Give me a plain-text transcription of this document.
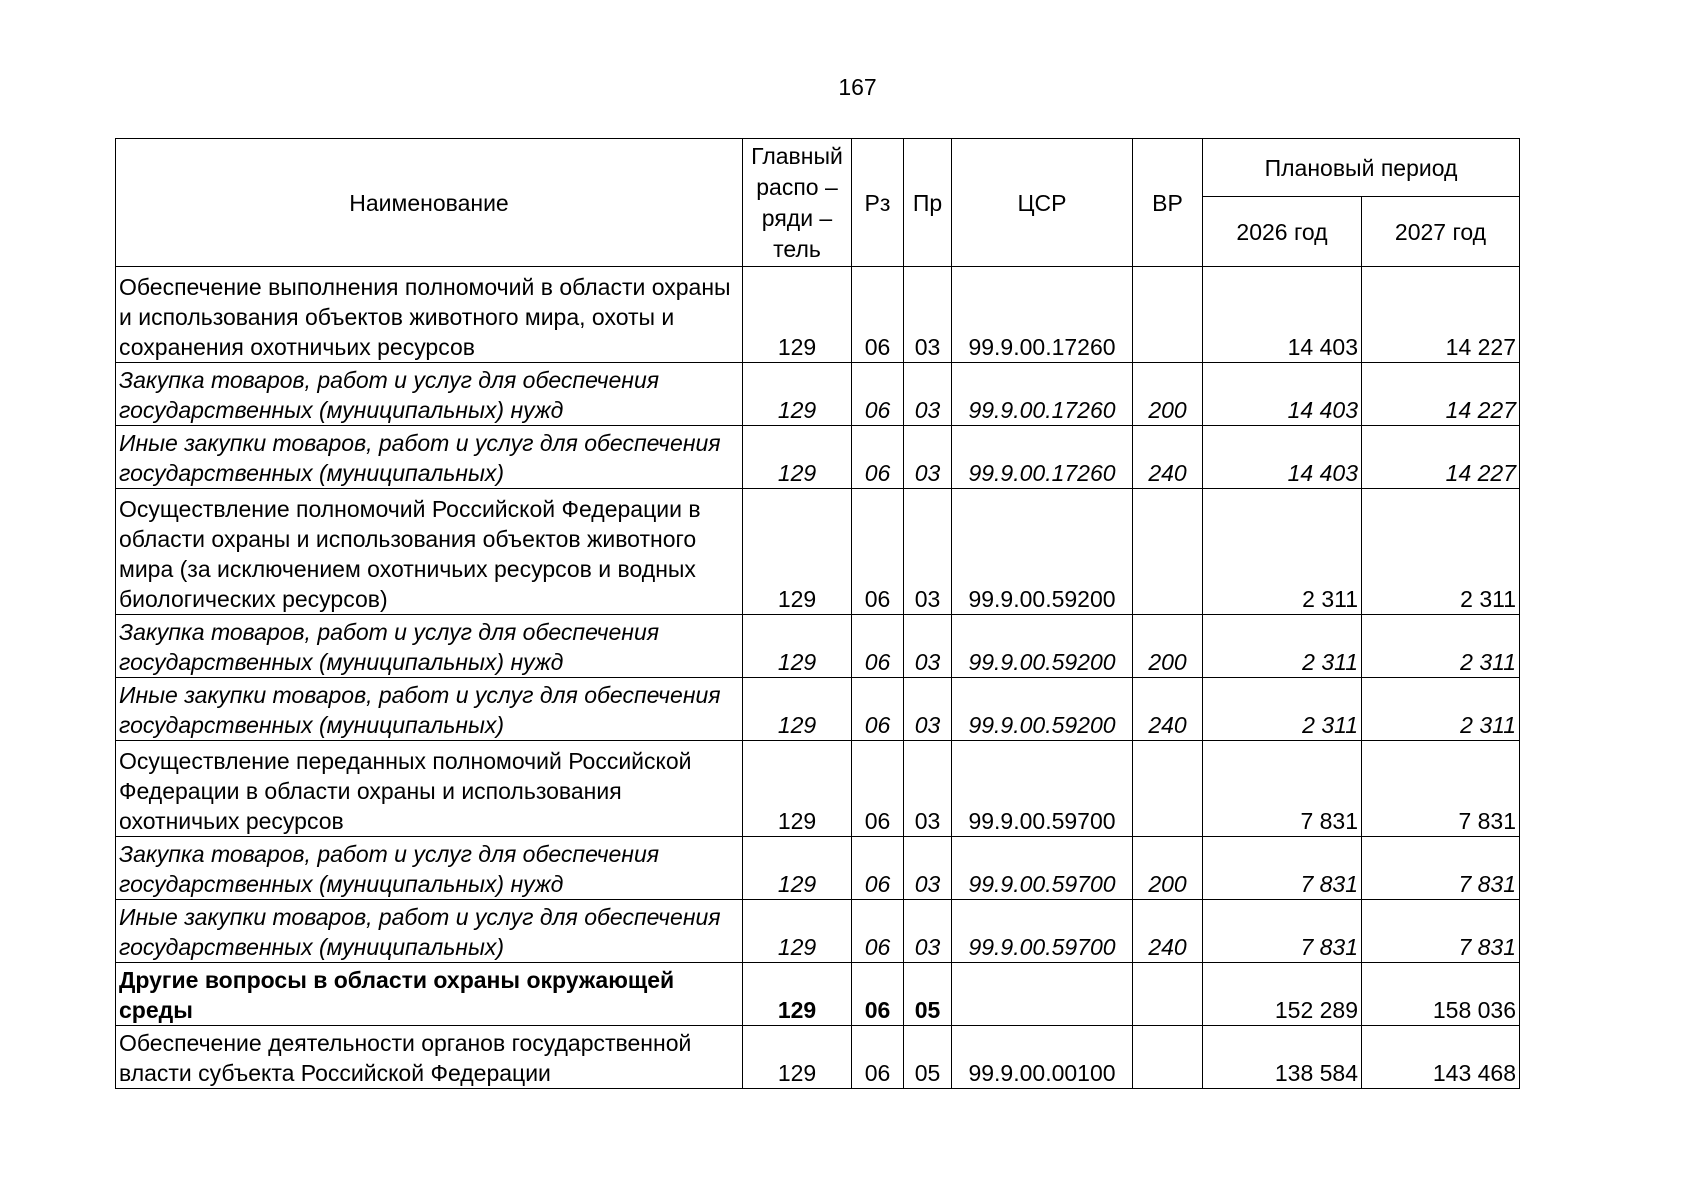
167
Наименование	Главный распо – ряди – тель	Рз	Пр	ЦСР	ВР	Плановый период	
						2026 год	2027 год
Обеспечение выполнения полномочий в области охраны и использования объектов животного мира, охоты и сохранения охотничьих ресурсов	129	06	03	99.9.00.17260		14 403	14 227
Закупка товаров, работ и услуг для обеспечения государственных (муниципальных) нужд	129	06	03	99.9.00.17260	200	14 403	14 227
Иные закупки товаров, работ и услуг для обеспечения государственных (муниципальных)	129	06	03	99.9.00.17260	240	14 403	14 227
Осуществление полномочий Российской Федерации в области охраны и использования объектов животного мира (за исключением охотничьих ресурсов и водных биологических ресурсов)	129	06	03	99.9.00.59200		2 311	2 311
Закупка товаров, работ и услуг для обеспечения государственных (муниципальных) нужд	129	06	03	99.9.00.59200	200	2 311	2 311
Иные закупки товаров, работ и услуг для обеспечения государственных (муниципальных)	129	06	03	99.9.00.59200	240	2 311	2 311
Осуществление переданных полномочий Российской Федерации в области охраны и использования охотничьих ресурсов	129	06	03	99.9.00.59700		7 831	7 831
Закупка товаров, работ и услуг для обеспечения государственных (муниципальных) нужд	129	06	03	99.9.00.59700	200	7 831	7 831
Иные закупки товаров, работ и услуг для обеспечения государственных (муниципальных)	129	06	03	99.9.00.59700	240	7 831	7 831
Другие вопросы в области охраны окружающей среды	129	06	05			152 289	158 036
Обеспечение деятельности органов государственной власти субъекта Российской Федерации	129	06	05	99.9.00.00100		138 584	143 468
